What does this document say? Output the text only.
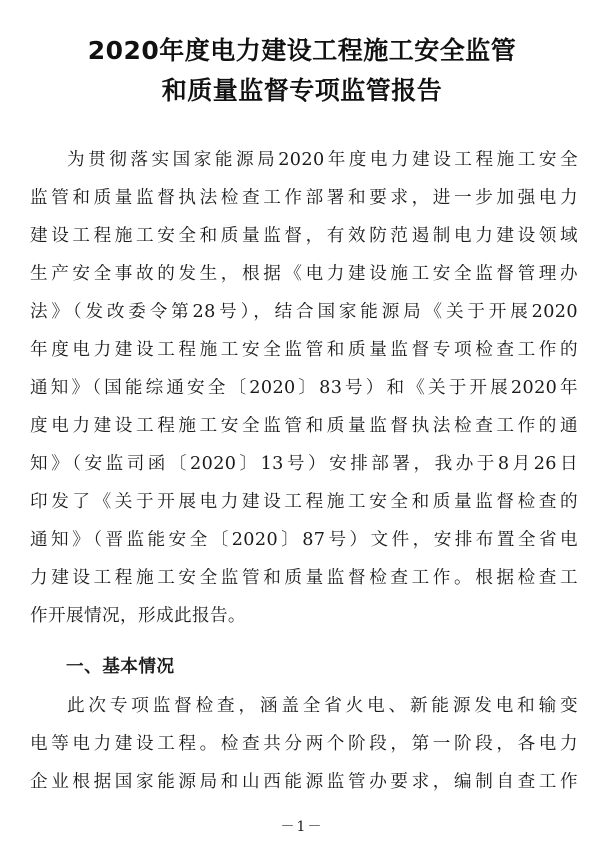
2020年度电力建设工程施工安全监管
和质量监督专项监管报告
为贯彻落实国家能源局2020年度电力建设工程施工安全
监管和质量监督执法检查工作部署和要求，进一步加强电力
建设工程施工安全和质量监督，有效防范遏制电力建设领域
生产安全事故的发生，根据《电力建设施工安全监督管理办
法》（发改委令第28号），结合国家能源局《关于开展2020
年度电力建设工程施工安全监管和质量监督专项检查工作的
通知》（国能综通安全〔2020〕83号）和《关于开展2020年
度电力建设工程施工安全监管和质量监督执法检查工作的通
知》（安监司函〔2020〕13号）安排部署，我办于8月26日
印发了《关于开展电力建设工程施工安全和质量监督检查的
通知》（晋监能安全〔2020〕87号）文件，安排布置全省电
力建设工程施工安全监管和质量监督检查工作。根据检查工
作开展情况，形成此报告。
一、基本情况
此次专项监督检查，涵盖全省火电、新能源发电和输变
电等电力建设工程。检查共分两个阶段，第一阶段，各电力
企业根据国家能源局和山西能源监管办要求，编制自查工作
－1－
